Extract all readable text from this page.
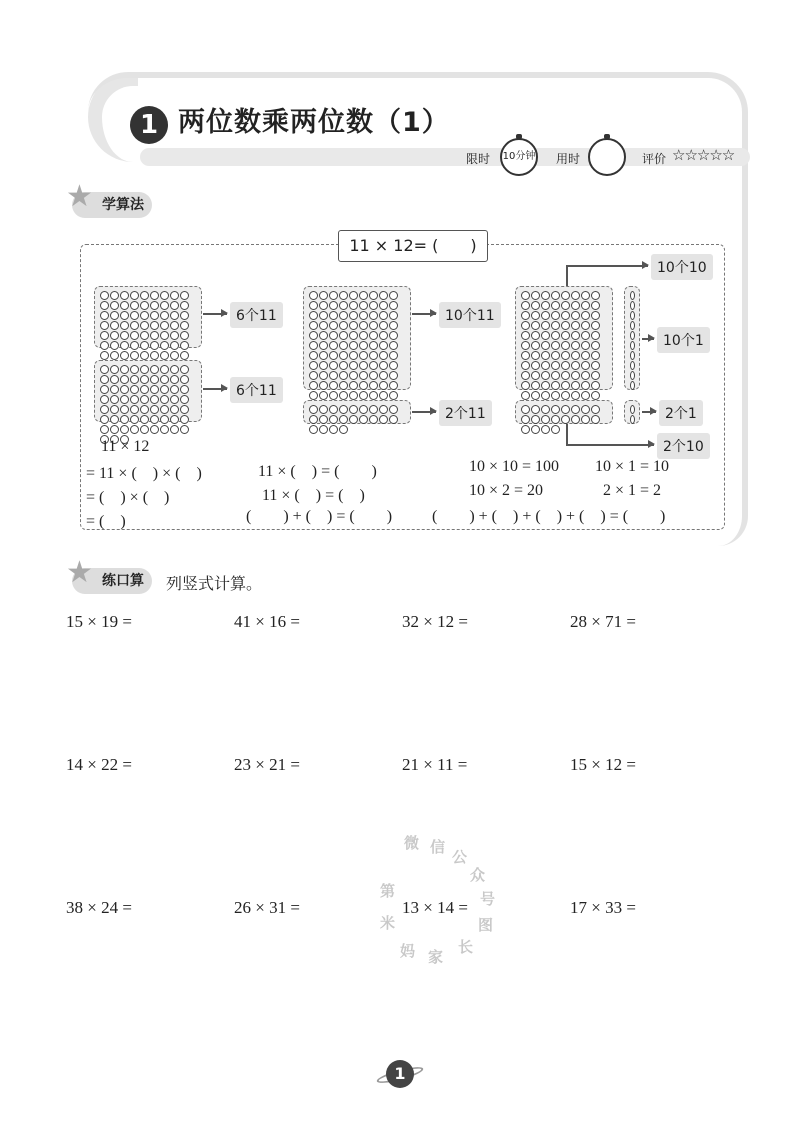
1 两位数乘两位数（1）
限时 10分钟 用时	评价 ☆☆☆☆☆
★ 学算法
11 × 12= (　　)
6个11
6个11
10个11
2个11
10个10
10个1
2个1
2个10
11 × 12
= 11 × (　) × (　)
= (　) × (　)
= (　)
11 × (　) = (　　)
11 × (　) = (　)
(　　) + (　) = (　　)
10 × 10 = 100
10 × 2 = 20
10 × 1 = 10
2 × 1 = 2
(　　) + (　) + (　) + (　) = (　　)
★ 练口算	列竖式计算。
15 × 19 =	41 × 16 =	32 × 12 =	28 × 71 =
14 × 22 =	23 × 21 =	21 × 11 =	15 × 12 =
38 × 24 =	26 × 31 =	13 × 14 =	17 × 33 =
微 信
公
众
号
图
长
家
妈
米
第
1
